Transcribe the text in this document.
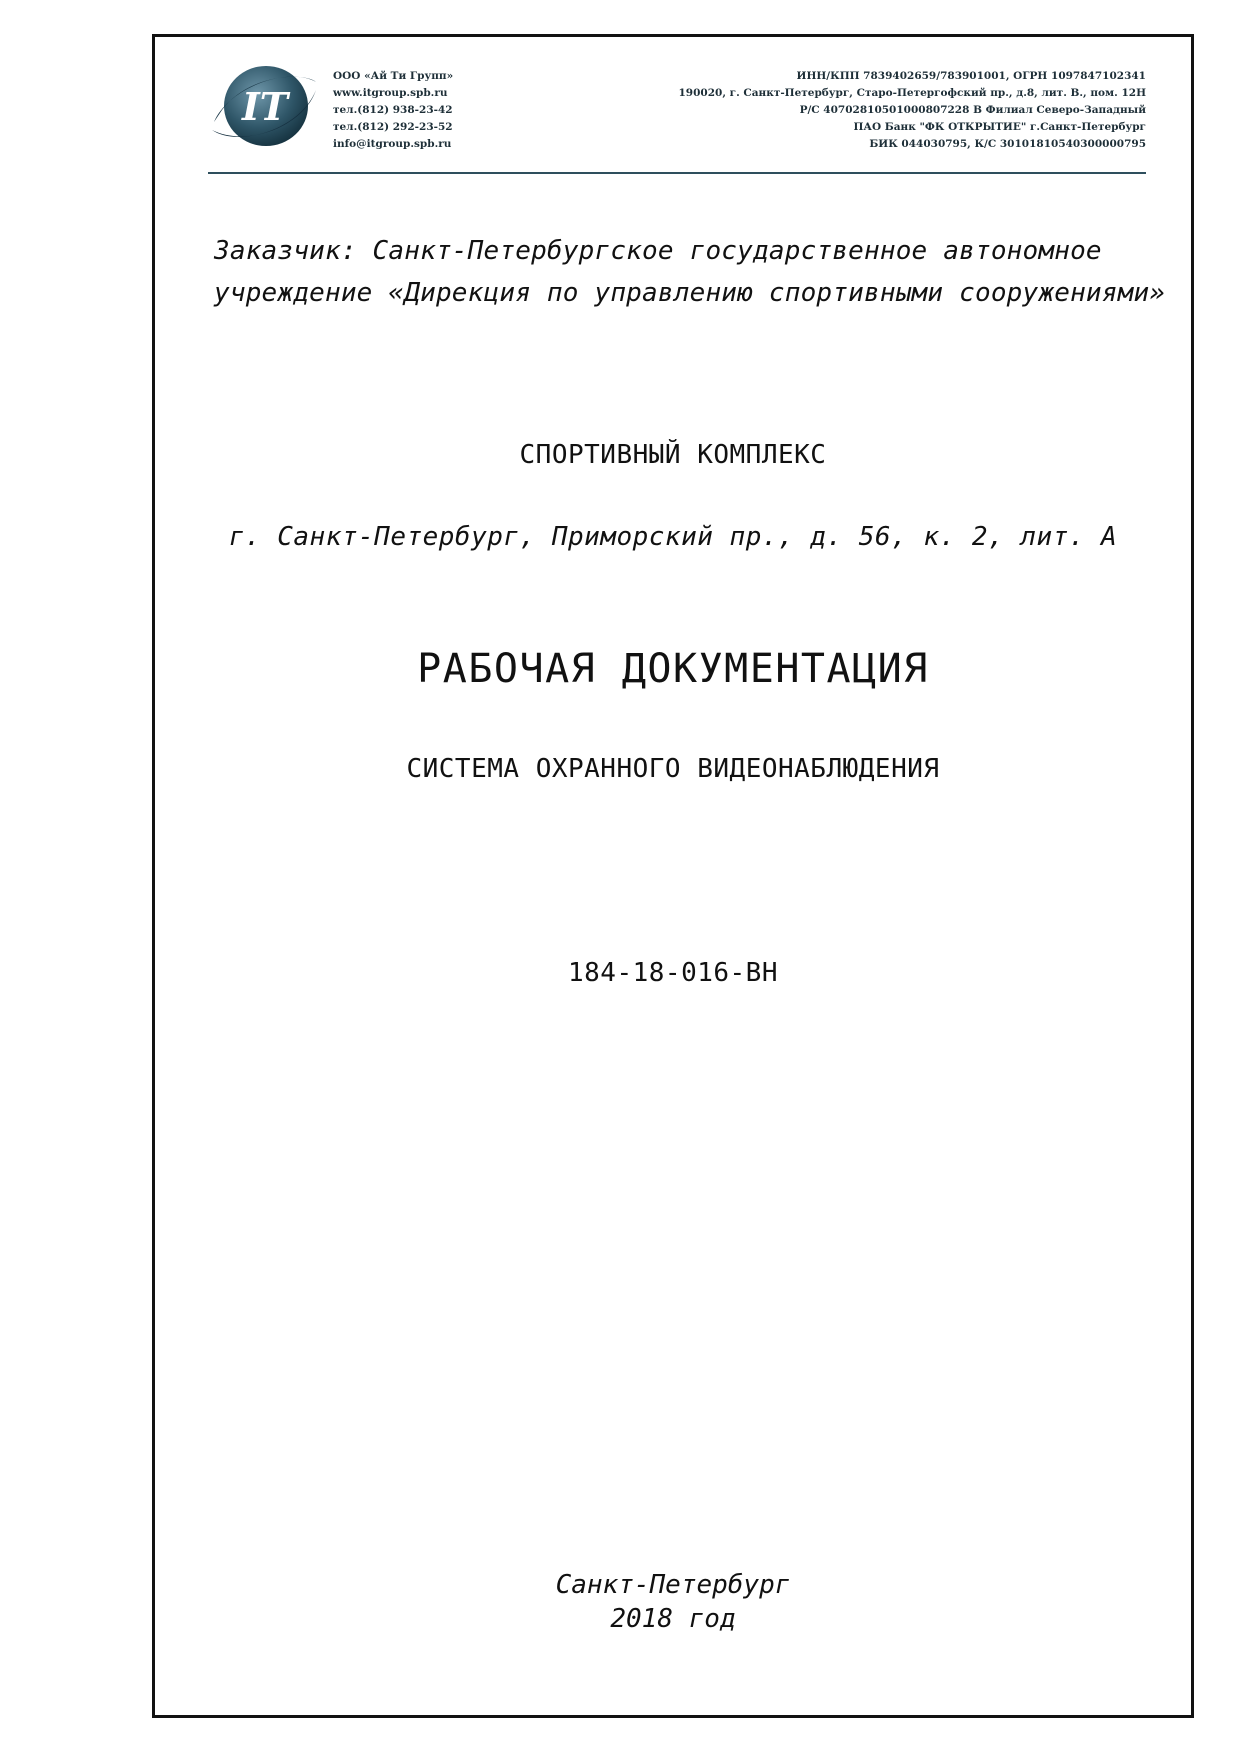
IT
ООО «Ай Ти Групп»
www.itgroup.spb.ru
тел.(812) 938-23-42
тел.(812) 292-23-52
info@itgroup.spb.ru
ИНН/КПП 7839402659/783901001, ОГРН 1097847102341
190020, г. Санкт-Петербург, Старо-Петергофский пр., д.8, лит. В., пом. 12Н
Р/С 40702810501000807228 В Филиал Северо-Западный
ПАО Банк "ФК ОТКРЫТИЕ" г.Санкт-Петербург
БИК 044030795, К/С 30101810540300000795
Заказчик: Санкт-Петербургское государственное автономное
учреждение «Дирекция по управлению спортивными сооружениями»
СПОРТИВНЫЙ КОМПЛЕКС
г. Санкт-Петербург, Приморский пр., д. 56, к. 2, лит. А
РАБОЧАЯ ДОКУМЕНТАЦИЯ
СИСТЕМА ОХРАННОГО ВИДЕОНАБЛЮДЕНИЯ
184-18-016-ВН
Санкт-Петербург
2018 год
